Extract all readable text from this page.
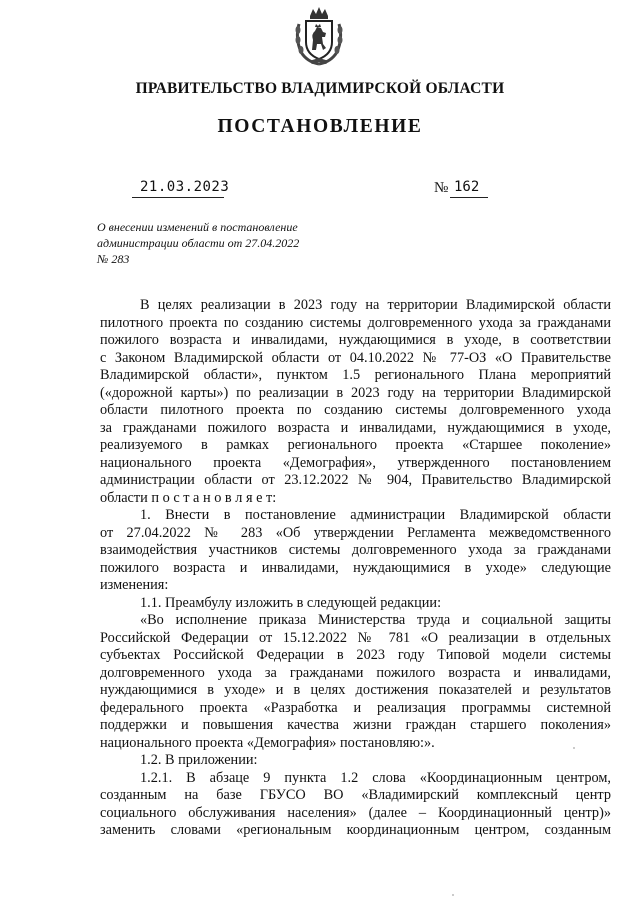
ПРАВИТЕЛЬСТВО ВЛАДИМИРСКОЙ ОБЛАСТИ
ПОСТАНОВЛЕНИЕ
21.03.2023	№ 162
О внесении изменений в постановление
администрации области от 27.04.2022
№ 283
В целях реализации в 2023 году на территории Владимирской области
пилотного проекта по созданию системы долговременного ухода за гражданами
пожилого возраста и инвалидами, нуждающимися в уходе, в соответствии
с Законом Владимирской области от 04.10.2022 № 77-ОЗ «О Правительстве
Владимирской области», пунктом 1.5 регионального Плана мероприятий
(«дорожной карты») по реализации в 2023 году на территории Владимирской
области пилотного проекта по созданию системы долговременного ухода
за гражданами пожилого возраста и инвалидами, нуждающимися в уходе,
реализуемого в рамках регионального проекта «Старшее поколение»
национального проекта «Демография», утвержденного постановлением
администрации области от 23.12.2022 № 904, Правительство Владимирской
области п о с т а н о в л я е т:
1. Внести в постановление администрации Владимирской области
от 27.04.2022 № 283 «Об утверждении Регламента межведомственного
взаимодействия участников системы долговременного ухода за гражданами
пожилого возраста и инвалидами, нуждающимися в уходе» следующие
изменения:
1.1. Преамбулу изложить в следующей редакции:
«Во исполнение приказа Министерства труда и социальной защиты
Российской Федерации от 15.12.2022 № 781 «О реализации в отдельных
субъектах Российской Федерации в 2023 году Типовой модели системы
долговременного ухода за гражданами пожилого возраста и инвалидами,
нуждающимися в уходе» и в целях достижения показателей и результатов
федерального проекта «Разработка и реализация программы системной
поддержки и повышения качества жизни граждан старшего поколения»
национального проекта «Демография» постановляю:».
1.2. В приложении:
1.2.1. В абзаце 9 пункта 1.2 слова «Координационным центром,
созданным на базе ГБУСО ВО «Владимирский комплексный центр
социального обслуживания населения» (далее – Координационный центр)»
заменить словами «региональным координационным центром, созданным
